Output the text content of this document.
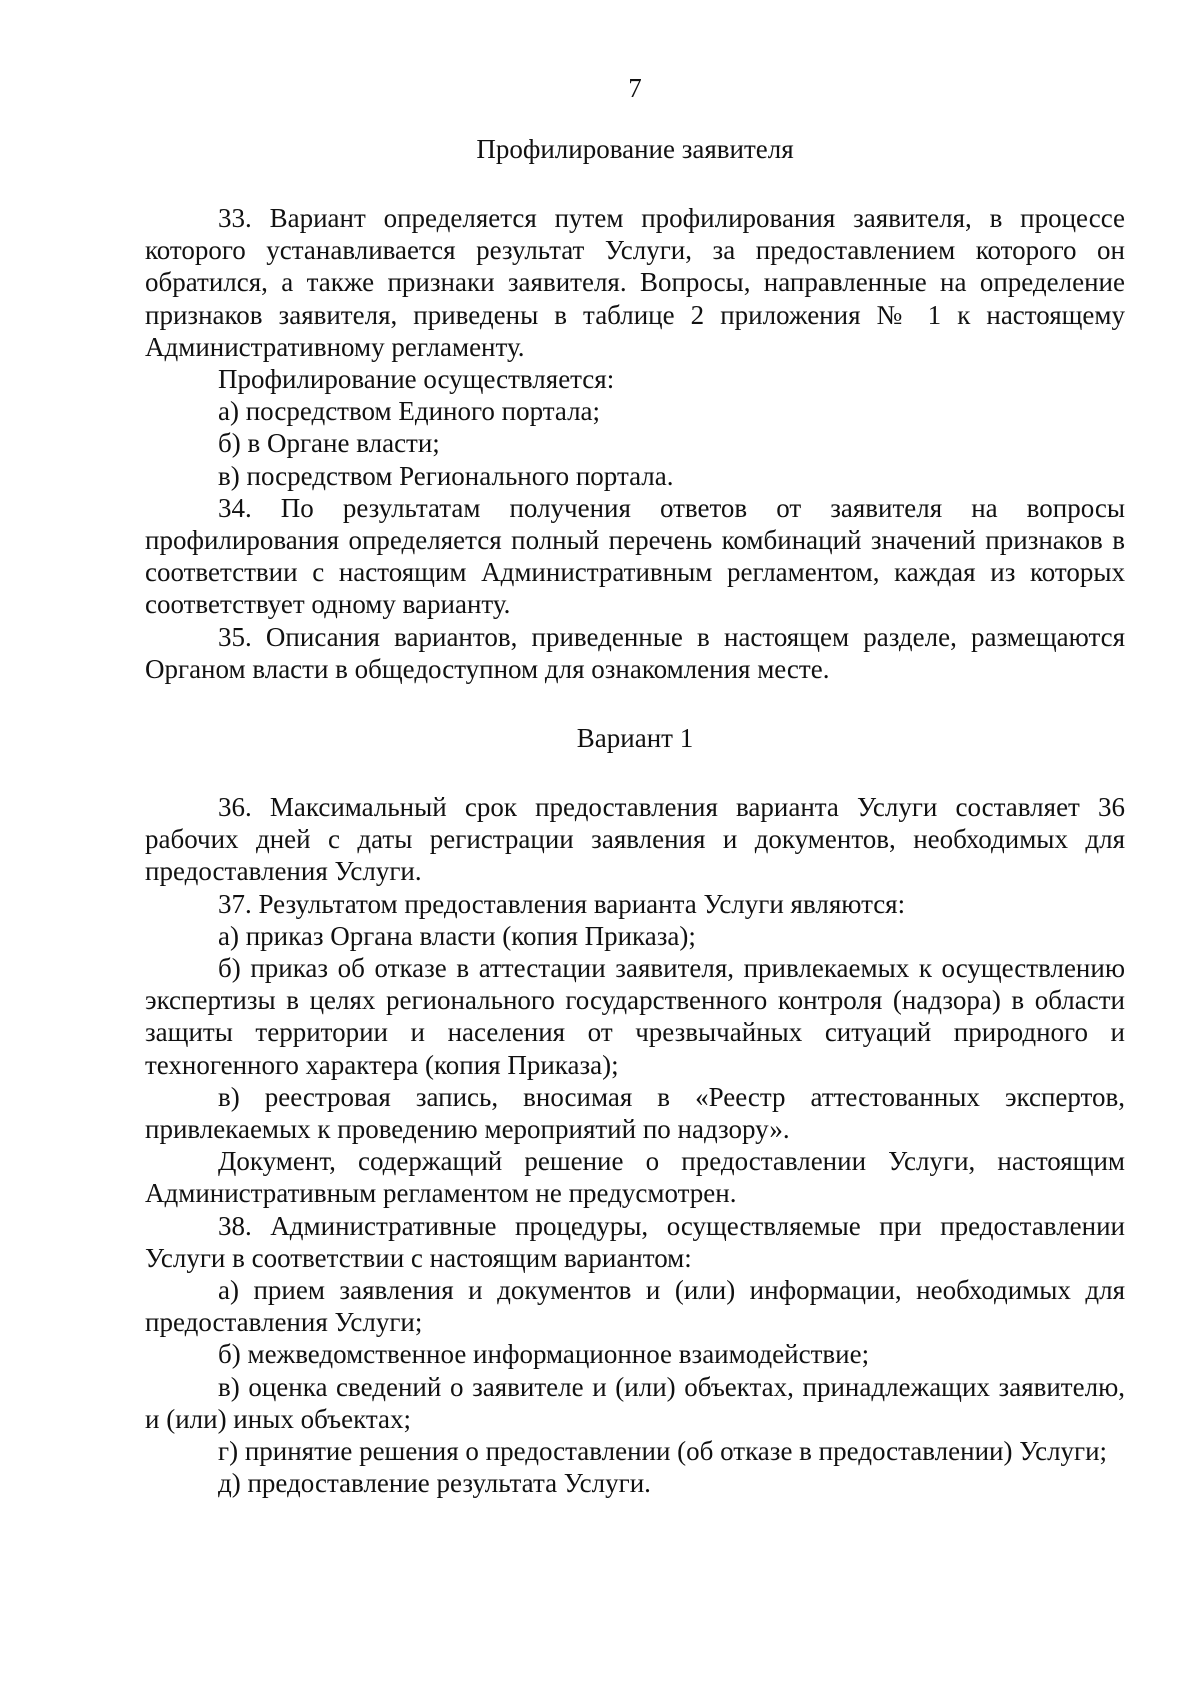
7
Профилирование заявителя

33. Вариант определяется путем профилирования заявителя, в процессе которого устанавливается результат Услуги, за предоставлением которого он обратился, а также признаки заявителя. Вопросы, направленные на определение признаков заявителя, приведены в таблице 2 приложения № 1 к настоящему Административному регламенту.

Профилирование осуществляется:

а) посредством Единого портала;

б) в Органе власти;

в) посредством Регионального портала.

34. По результатам получения ответов от заявителя на вопросы профилирования определяется полный перечень комбинаций значений признаков в соответствии с настоящим Административным регламентом, каждая из которых соответствует одному варианту.

35. Описания вариантов, приведенные в настоящем разделе, размещаются Органом власти в общедоступном для ознакомления месте.

Вариант 1

36. Максимальный срок предоставления варианта Услуги составляет 36 рабочих дней с даты регистрации заявления и документов, необходимых для предоставления Услуги.

37. Результатом предоставления варианта Услуги являются:

а) приказ Органа власти (копия Приказа);

б) приказ об отказе в аттестации заявителя, привлекаемых к осуществлению экспертизы в целях регионального государственного контроля (надзора) в области защиты территории и населения от чрезвычайных ситуаций природного и техногенного характера (копия Приказа);

в) реестровая запись, вносимая в «Реестр аттестованных экспертов, привлекаемых к проведению мероприятий по надзору».

Документ, содержащий решение о предоставлении Услуги, настоящим Административным регламентом не предусмотрен.

38. Административные процедуры, осуществляемые при предоставлении Услуги в соответствии с настоящим вариантом:

а) прием заявления и документов и (или) информации, необходимых для предоставления Услуги;

б) межведомственное информационное взаимодействие;

в) оценка сведений о заявителе и (или) объектах, принадлежащих заявителю, и (или) иных объектах;

г) принятие решения о предоставлении (об отказе в предоставлении) Услуги;

д) предоставление результата Услуги.
